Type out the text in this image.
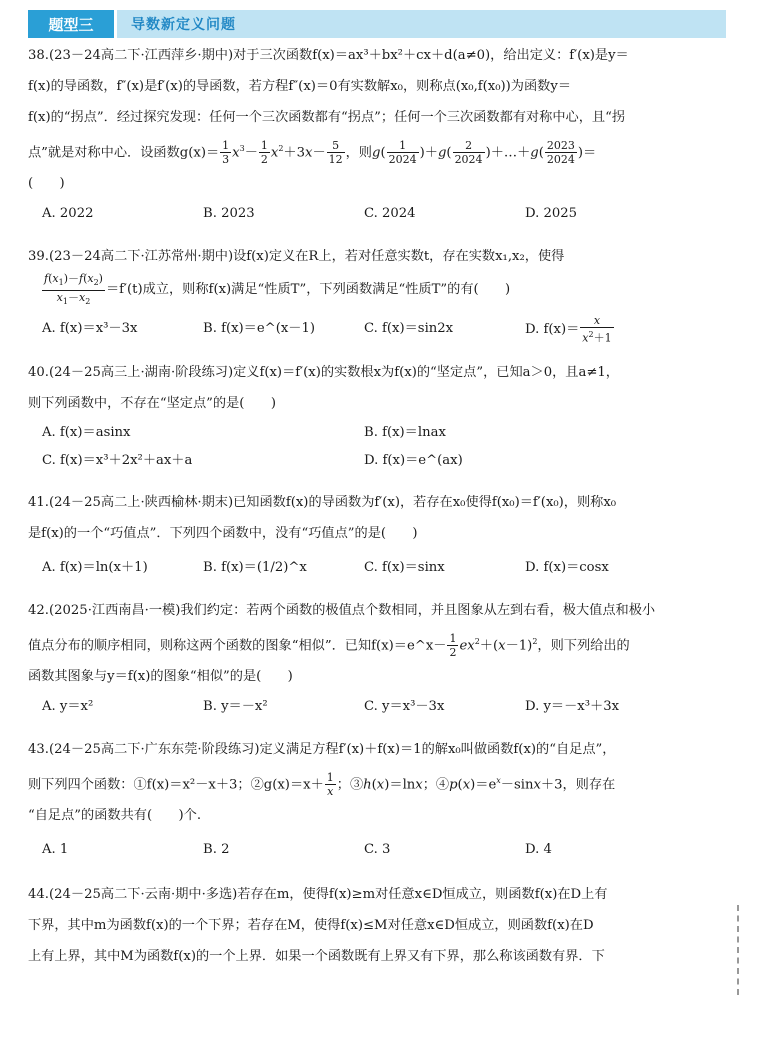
题型三	导数新定义问题

38.(23－24高二下·江西萍乡·期中)对于三次函数f(x)＝ax³＋bx²＋cx＋d(a≠0)，给出定义：f′(x)是y＝

f(x)的导函数，f″(x)是f′(x)的导函数，若方程f″(x)＝0有实数解x₀，则称点(x₀,f(x₀))为函数y＝

f(x)的“拐点”．经过探究发现：任何一个三次函数都有“拐点”；任何一个三次函数都有对称中心，且“拐

点”就是对称中心．设函数$g(x)= \frac{1}{3} x^3- \frac{1}{2} x^2+3x- \frac{5}{12}$ ，则$g( \frac{1}{2024} )+g( \frac{2}{2024}$ )＋…＋g( $\frac{2023}{2024}$ )＝

(　　)

A. 2022	B. 2023	C. 2024	D. 2025

39.(23－24高二下·江苏常州·期中)设f(x)定义在R上，若对任意实数t，存在实数x₁,x₂，使得

$\frac{f(x_1)-f(x_2)}{x_1-x_2} =f'(t)$成立，则称f(x)满足“性质T”，下列函数满足“性质T”的有(　　)

A. f(x)＝x³－3x	B. f(x)＝e^(x－1)	C. f(x)＝sin2x	D. $f(x)= \frac{x}{x^2+1}$

40.(24－25高三上·湖南·阶段练习)定义f(x)＝f′(x)的实数根x为f(x)的“坚定点”，已知a＞0，且a≠1，

则下列函数中，不存在“坚定点”的是(　　)

A. f(x)＝asinx	B. f(x)＝lnax
C. f(x)＝x³＋2x²＋ax＋a	D. f(x)＝e^(ax)

41.(24－25高二上·陕西榆林·期末)已知函数f(x)的导函数为f′(x)，若存在x₀使得f(x₀)＝f′(x₀)，则称x₀

是f(x)的一个“巧值点”．下列四个函数中，没有“巧值点”的是(　　)

A. f(x)＝ln(x＋1)	B. f(x)＝(1/2)^x	C. f(x)＝sinx	D. f(x)＝cosx

42.(2025·江西南昌·一模)我们约定：若两个函数的极值点个数相同，并且图象从左到右看，极大值点和极小

值点分布的顺序相同，则称这两个函数的图象“相似”．已知f(x)＝e^x－ $\frac{1}{2} ex^2+(x-1)^2$，则下列给出的

函数其图象与y＝f(x)的图象“相似”的是(　　)

A. y＝x²	B. y＝－x²	C. y＝x³－3x	D. y＝－x³＋3x

43.(24－25高二下·广东东莞·阶段练习)定义满足方程f′(x)＋f(x)＝1的解x₀叫做函数f(x)的“自足点”，

则下列四个函数：①f(x)＝x²－x＋3；②g(x)＝x＋ $\frac{1}{x}$ ；③h(x)＝lnx；$④p(x)=e^x-\sin x+3$，则存在

“自足点”的函数共有(　　)个.

A. 1	B. 2	C. 3	D. 4

44.(24－25高二下·云南·期中·多选)若存在m，使得f(x)≥m对任意x∈D恒成立，则函数f(x)在D上有

下界，其中m为函数f(x)的一个下界；若存在M，使得f(x)≤M对任意x∈D恒成立，则函数f(x)在D

上有上界，其中M为函数f(x)的一个上界．如果一个函数既有上界又有下界，那么称该函数有界．下
